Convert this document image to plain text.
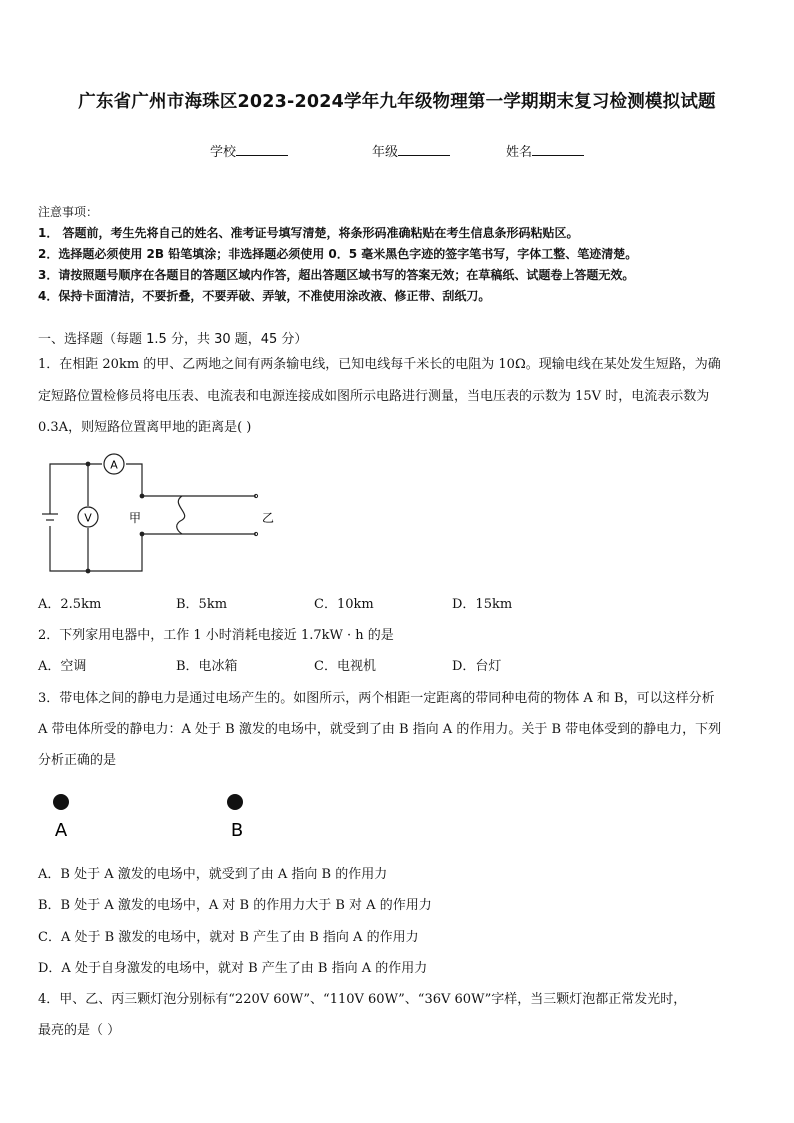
广东省广州市海珠区2023-2024学年九年级物理第一学期期末复习检测模拟试题
学校	年级	姓名
注意事项：
1． 答题前，考生先将自己的姓名、准考证号填写清楚，将条形码准确粘贴在考生信息条形码粘贴区。
2．选择题必须使用 2B 铅笔填涂；非选择题必须使用 0．5 毫米黑色字迹的签字笔书写，字体工整、笔迹清楚。
3．请按照题号顺序在各题目的答题区域内作答，超出答题区域书写的答案无效；在草稿纸、试题卷上答题无效。
4．保持卡面清洁，不要折叠，不要弄破、弄皱，不准使用涂改液、修正带、刮纸刀。
一、选择题（每题 1.5 分，共 30 题，45 分）
1．在相距 20km 的甲、乙两地之间有两条输电线，已知电线每千米长的电阻为 10Ω。现输电线在某处发生短路，为确
定短路位置检修员将电压表、电流表和电源连接成如图所示电路进行测量，当电压表的示数为 15V 时，电流表示数为
0.3A，则短路位置离甲地的距离是( )
A
V	甲	乙
A．2.5km	B．5km	C．10km	D．15km
2．下列家用电器中，工作 1 小时消耗电接近 1.7kW · h 的是
A．空调	B．电冰箱	C．电视机	D．台灯
3．带电体之间的静电力是通过电场产生的。如图所示，两个相距一定距离的带同种电荷的物体 A 和 B，可以这样分析
A 带电体所受的静电力：A 处于 B 激发的电场中，就受到了由 B 指向 A 的作用力。关于 B 带电体受到的静电力，下列
分析正确的是
A	B
A．B 处于 A 激发的电场中，就受到了由 A 指向 B 的作用力
B．B 处于 A 激发的电场中，A 对 B 的作用力大于 B 对 A 的作用力
C．A 处于 B 激发的电场中，就对 B 产生了由 B 指向 A 的作用力
D．A 处于自身激发的电场中，就对 B 产生了由 B 指向 A 的作用力
4．甲、乙、丙三颗灯泡分别标有“220V 60W”、“110V 60W”、“36V 60W”字样，当三颗灯泡都正常发光时，
最亮的是（ ）
